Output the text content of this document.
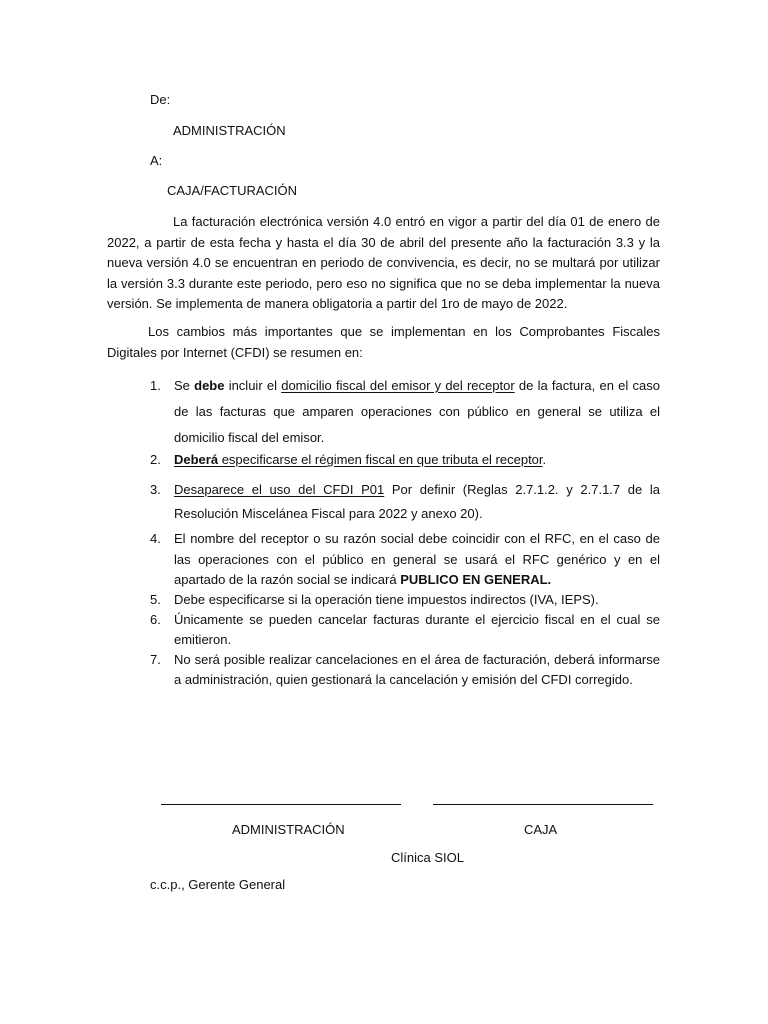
De:
ADMINISTRACIÓN
A:
CAJA/FACTURACIÓN
La facturación electrónica versión 4.0 entró en vigor a partir del día 01 de enero de 2022, a partir de esta fecha y hasta el día 30 de abril del presente año la facturación 3.3 y la nueva versión 4.0 se encuentran en periodo de convivencia, es decir, no se multará por utilizar la versión 3.3 durante este periodo, pero eso no significa que no se deba implementar la nueva versión. Se implementa de manera obligatoria a partir del 1ro de mayo de 2022.
Los cambios más importantes que se implementan en los Comprobantes Fiscales Digitales por Internet (CFDI) se resumen en:
1. Se debe incluir el domicilio fiscal del emisor y del receptor de la factura, en el caso de las facturas que amparen operaciones con público en general se utiliza el domicilio fiscal del emisor.
2. Deberá especificarse el régimen fiscal en que tributa el receptor.
3. Desaparece el uso del CFDI P01 Por definir (Reglas 2.7.1.2. y 2.7.1.7 de la Resolución Miscelánea Fiscal para 2022 y anexo 20).
4. El nombre del receptor o su razón social debe coincidir con el RFC, en el caso de las operaciones con el público en general se usará el RFC genérico y en el apartado de la razón social se indicará PUBLICO EN GENERAL.
5. Debe especificarse si la operación tiene impuestos indirectos (IVA, IEPS).
6. Únicamente se pueden cancelar facturas durante el ejercicio fiscal en el cual se emitieron.
7. No será posible realizar cancelaciones en el área de facturación, deberá informarse a administración, quien gestionará la cancelación y emisión del CFDI corregido.
ADMINISTRACIÓN	CAJA
Clínica SIOL
c.c.p., Gerente General
